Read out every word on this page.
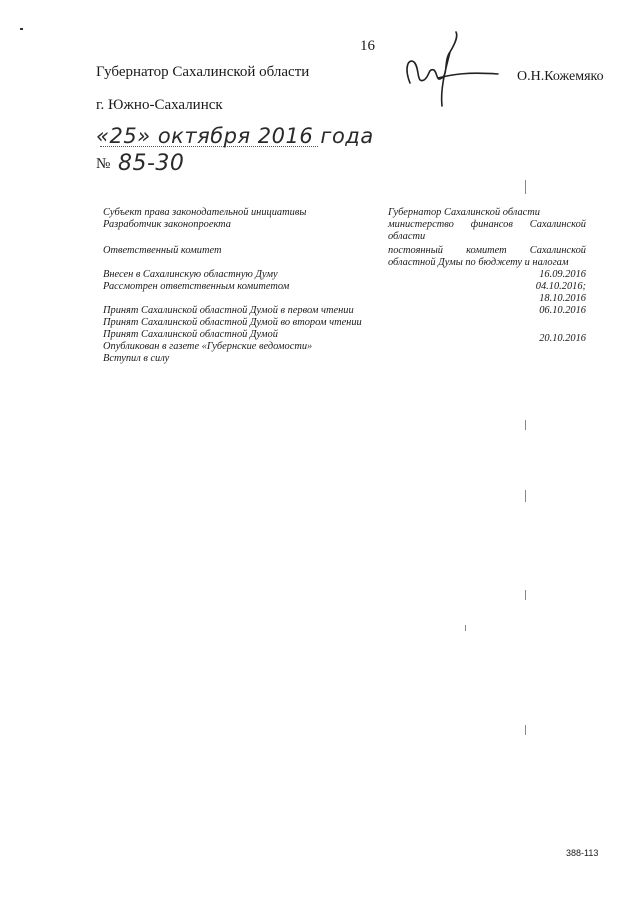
16
Губернатор Сахалинской области	О.Н.Кожемяко
г. Южно-Сахалинск
«25» октября 2016 года
№ 85-30
Субъект права законодательной инициативы
Разработчик законопроекта
Ответственный комитет
Внесен в Сахалинскую областную Думу
Рассмотрен ответственным комитетом
Принят Сахалинской областной Думой в первом чтении
Принят Сахалинской областной Думой во втором чтении
Принят Сахалинской областной Думой
Опубликован в газете «Губернские ведомости»
Вступил в силу
Губернатор Сахалинской области
министерство финансов Сахалинской
области
постоянный комитет Сахалинской
областной Думы по бюджету и налогам
16.09.2016
04.10.2016;
18.10.2016
06.10.2016
20.10.2016
388-113
